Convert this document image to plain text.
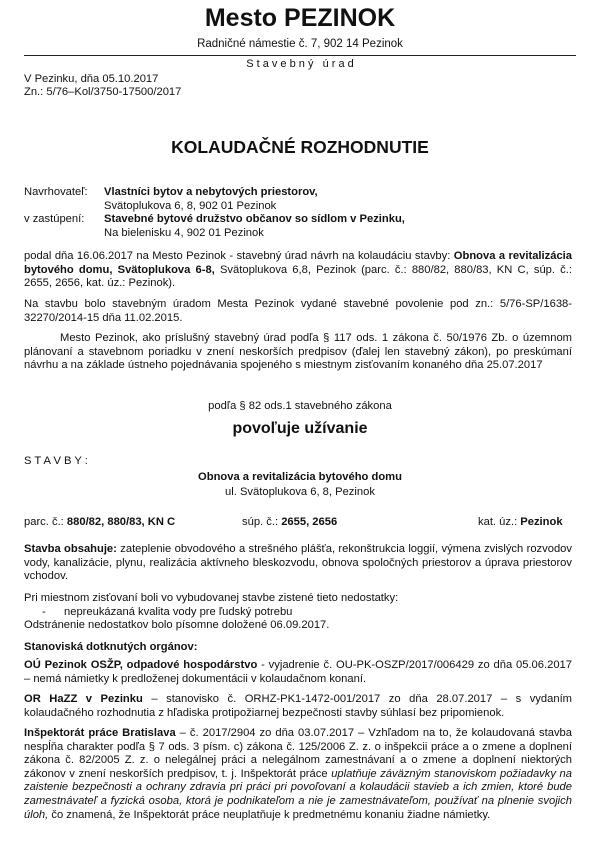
Mesto PEZINOK
Radničné námestie č. 7, 902 14 Pezinok
S t a v e b n ý   ú r a d
V Pezinku, dňa 05.10.2017
Zn.: 5/76–Kol/3750-17500/2017
KOLAUDAČNÉ ROZHODNUTIE
Navrhovateľ: Vlastníci bytov a nebytových priestorov,
Svätoplukova 6, 8, 902 01 Pezinok
v zastúpení: Stavebné bytové družstvo občanov so sídlom v Pezinku,
Na bielenisku 4, 902 01 Pezinok

podal dňa 16.06.2017 na Mesto Pezinok - stavebný úrad návrh na kolaudáciu stavby: Obnova a revitalizácia bytového domu, Svätoplukova 6-8, Svätoplukova 6,8, Pezinok (parc. č.: 880/82, 880/83, KN C, súp. č.: 2655, 2656, kat. úz.: Pezinok).

Na stavbu bolo stavebným úradom Mesta Pezinok vydané stavebné povolenie pod zn.: 5/76-SP/1638-32270/2014-15 dňa 11.02.2015.

Mesto Pezinok, ako príslušný stavebný úrad podľa § 117 ods. 1 zákona č. 50/1976 Zb. o územnom plánovaní a stavebnom poriadku v znení neskorších predpisov (ďalej len stavebný zákon), po preskúmaní návrhu a na základe ústneho pojednávania spojeného s miestnym zisťovaním konaného dňa 25.07.2017

podľa § 82 ods.1 stavebného zákona
povoľuje užívanie
S T A V B Y :
Obnova a revitalizácia bytového domu
ul. Svätoplukova 6, 8, Pezinok
parc. č.: 880/82, 880/83, KN C	súp. č.: 2655, 2656	kat. úz.: Pezinok

Stavba obsahuje: zateplenie obvodového a strešného plášťa, rekonštrukcia loggií, výmena zvislých rozvodov vody, kanalizácie, plynu, realizácia aktívneho bleskozvodu, obnova spoločných priestorov a úprava priestorov vchodov.

Pri miestnom zisťovaní boli vo vybudovanej stavbe zistené tieto nedostatky:
- nepreukázaná kvalita vody pre ľudský potrebu
Odstránenie nedostatkov bolo písomne doložené 06.09.2017.
Stanoviská dotknutých orgánov:

OÚ Pezinok OSŽP, odpadové hospodárstvo - vyjadrenie č. OU-PK-OSZP/2017/006429 zo dňa 05.06.2017 – nemá námietky k predloženej dokumentácii v kolaudačnom konaní.

OR HaZZ v Pezinku – stanovisko č. ORHZ-PK1-1472-001/2017 zo dňa 28.07.2017 – s vydaním kolaudačného rozhodnutia z hľadiska protipožiarnej bezpečnosti stavby súhlasí bez pripomienok.

Inšpektorát práce Bratislava – č. 2017/2904 zo dňa 03.07.2017 – Vzhľadom na to, že kolaudovaná stavba nespĺňa charakter podľa § 7 ods. 3 písm. c) zákona č. 125/2006 Z. z. o inšpekcii práce a o zmene a doplnení zákona č. 82/2005 Z. z. o nelegálnej práci a nelegálnom zamestnávaní a o zmene a doplnení niektorých zákonov v znení neskorších predpisov, t. j. Inšpektorát práce uplatňuje záväzným stanoviskom požiadavky na zaistenie bezpečnosti a ochrany zdravia pri práci pri povoľovaní a kolaudácii stavieb a ich zmien, ktoré bude zamestnávateľ a fyzická osoba, ktorá je podnikateľom a nie je zamestnávateľom, používať na plnenie svojich úloh, čo znamená, že Inšpektorát práce neuplatňuje k predmetnému konaniu žiadne námietky.
